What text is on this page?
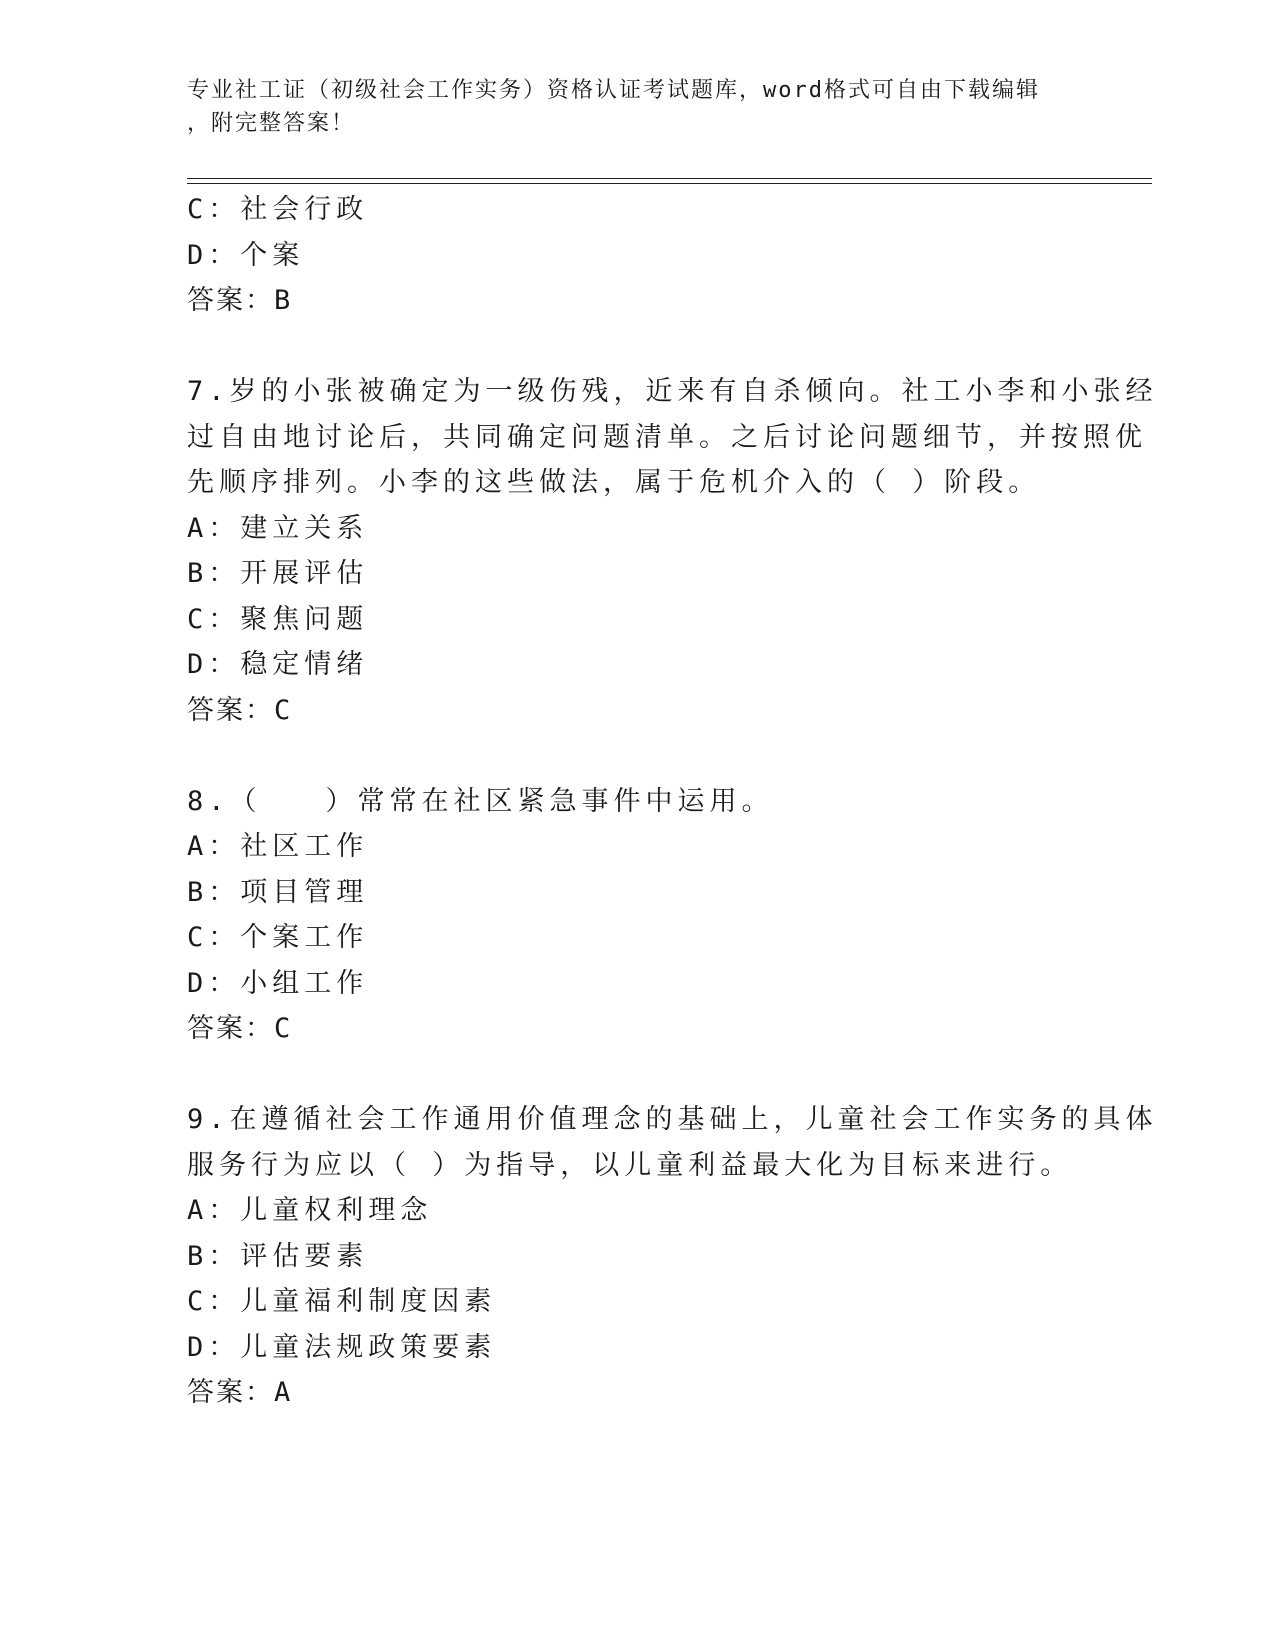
专业社工证（初级社会工作实务）资格认证考试题库，word格式可自由下载编辑
，附完整答案！
C：社会行政
D：个案
答案：B
7.岁的小张被确定为一级伤残，近来有自杀倾向。社工小李和小张经
过自由地讨论后，共同确定问题清单。之后讨论问题细节，并按照优
先顺序排列。小李的这些做法，属于危机介入的（ ）阶段。
A：建立关系
B：开展评估
C：聚焦问题
D：稳定情绪
答案：C
8.（　　）常常在社区紧急事件中运用。
A：社区工作
B：项目管理
C：个案工作
D：小组工作
答案：C
9.在遵循社会工作通用价值理念的基础上，儿童社会工作实务的具体
服务行为应以（ ）为指导，以儿童利益最大化为目标来进行。
A：儿童权利理念
B：评估要素
C：儿童福利制度因素
D：儿童法规政策要素
答案：A
